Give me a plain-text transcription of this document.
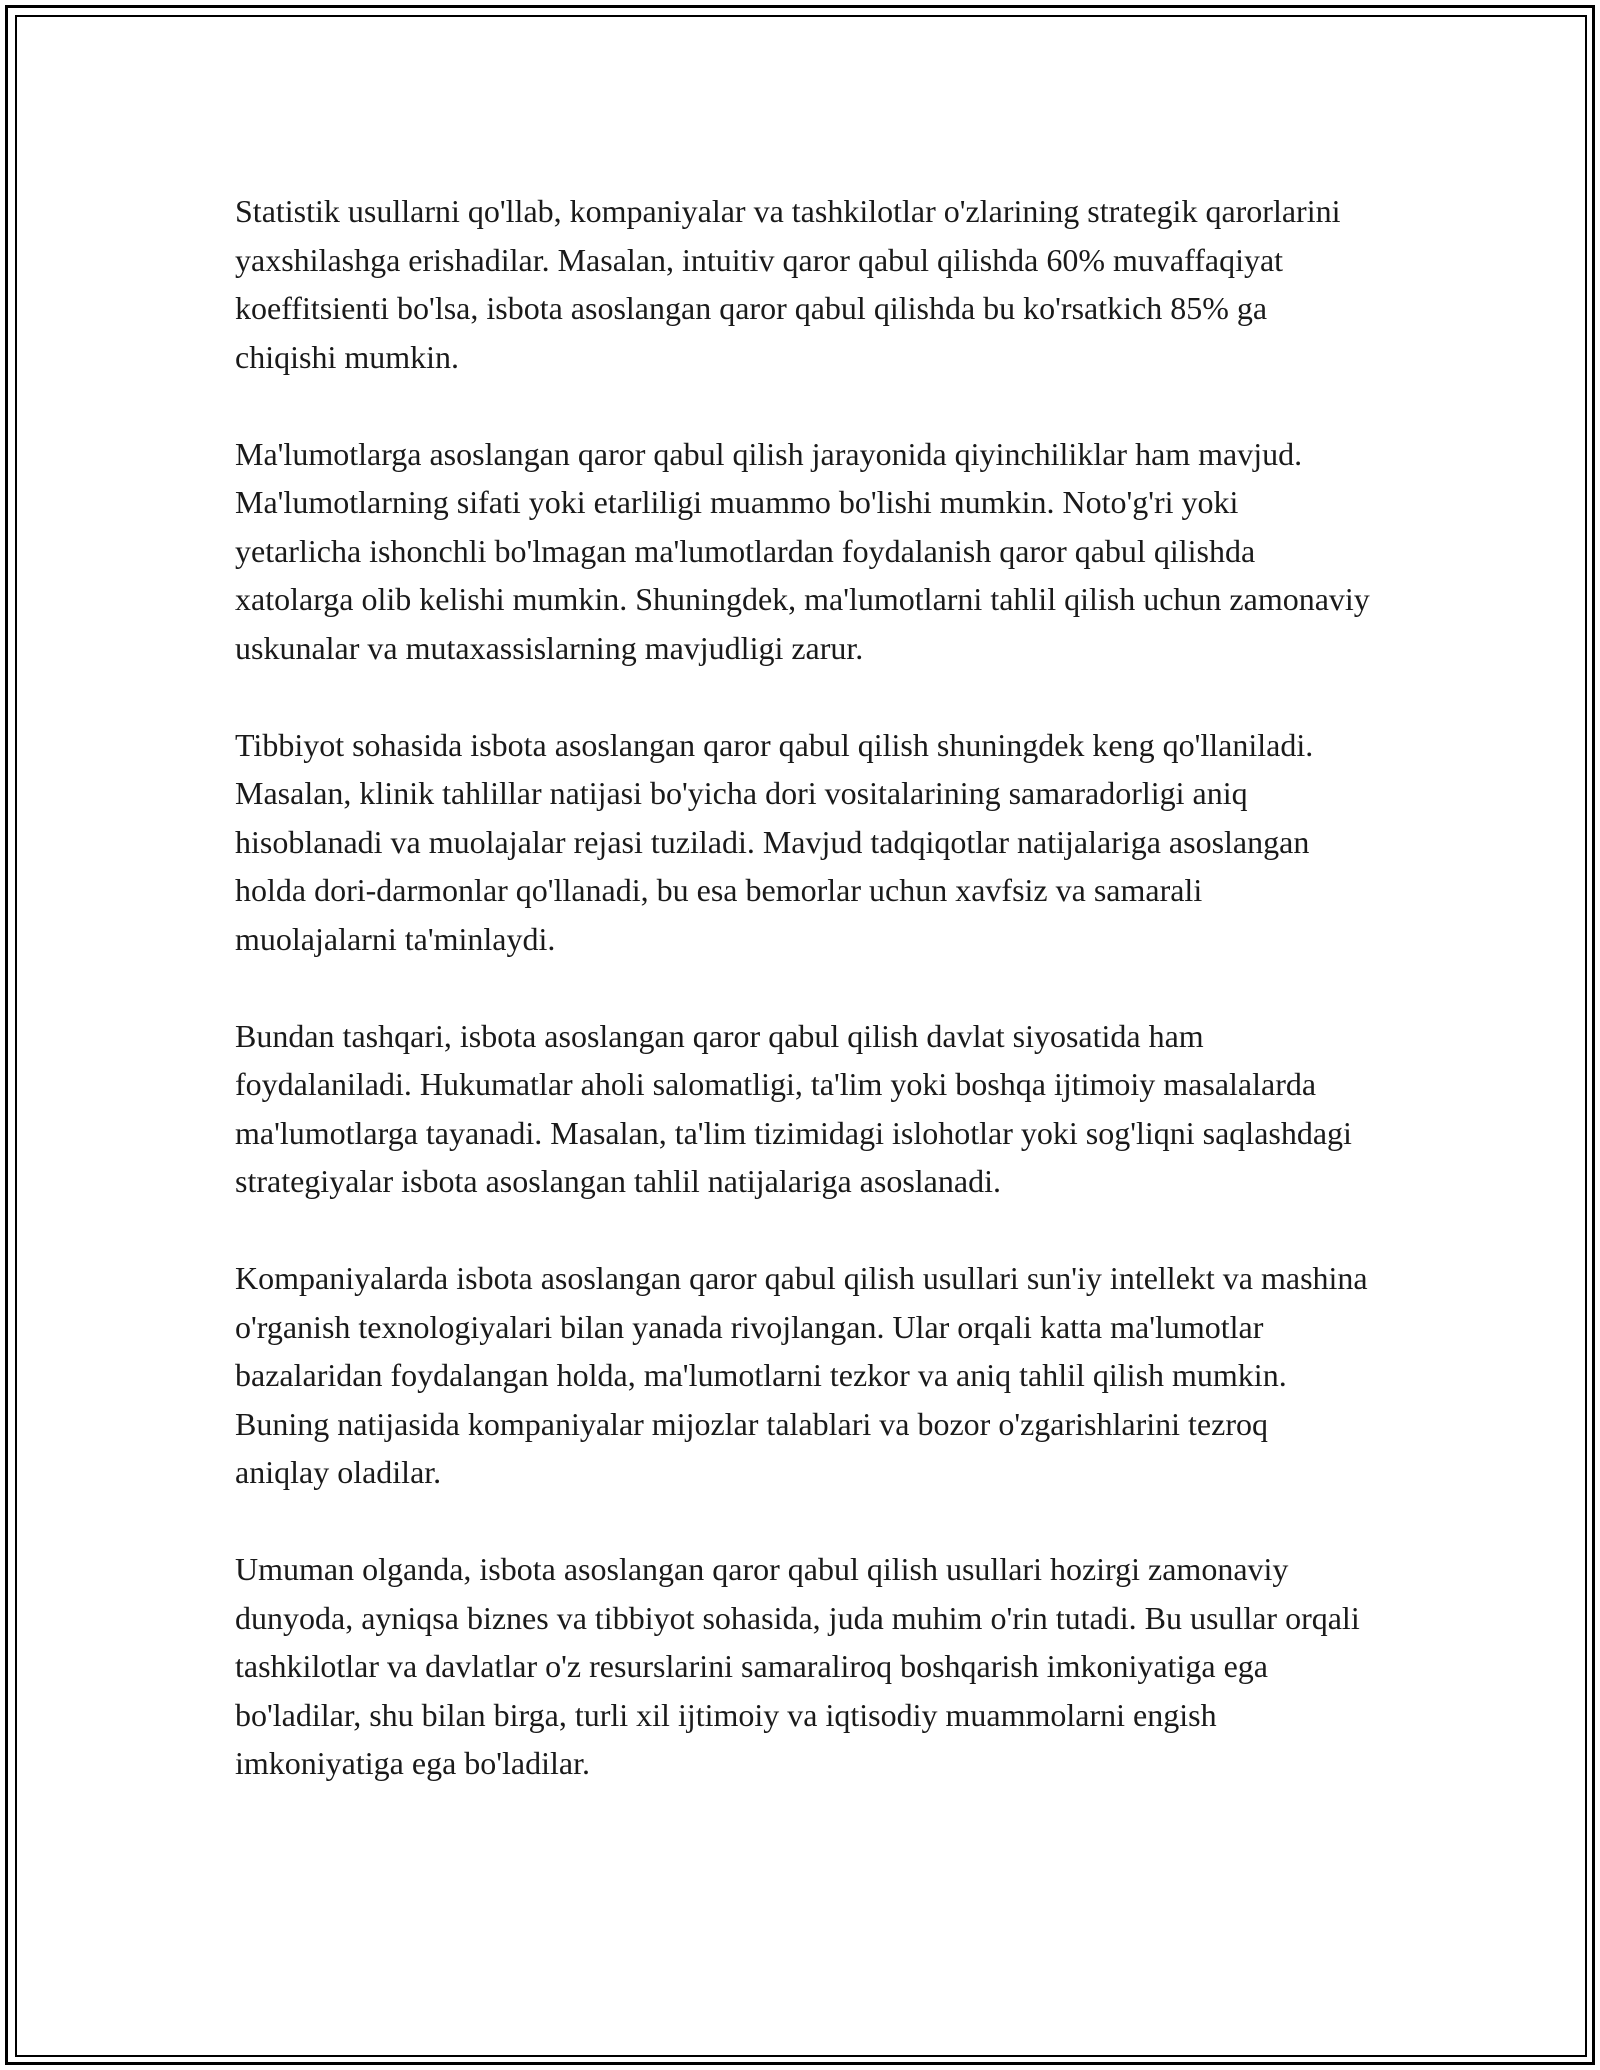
Statistik usullarni qo'llab, kompaniyalar va tashkilotlar o'zlarining strategik qarorlarini yaxshilashga erishadilar. Masalan, intuitiv qaror qabul qilishda 60% muvaffaqiyat koeffitsienti bo'lsa, isbota asoslangan qaror qabul qilishda bu ko'rsatkich 85% ga chiqishi mumkin.

Ma'lumotlarga asoslangan qaror qabul qilish jarayonida qiyinchiliklar ham mavjud. Ma'lumotlarning sifati yoki etarliligi muammo bo'lishi mumkin. Noto'g'ri yoki yetarlicha ishonchli bo'lmagan ma'lumotlardan foydalanish qaror qabul qilishda xatolarga olib kelishi mumkin. Shuningdek, ma'lumotlarni tahlil qilish uchun zamonaviy uskunalar va mutaxassislarning mavjudligi zarur.

Tibbiyot sohasida isbota asoslangan qaror qabul qilish shuningdek keng qo'llaniladi. Masalan, klinik tahlillar natijasi bo'yicha dori vositalarining samaradorligi aniq hisoblanadi va muolajalar rejasi tuziladi. Mavjud tadqiqotlar natijalariga asoslangan holda dori-darmonlar qo'llanadi, bu esa bemorlar uchun xavfsiz va samarali muolajalarni ta'minlaydi.

Bundan tashqari, isbota asoslangan qaror qabul qilish davlat siyosatida ham foydalaniladi. Hukumatlar aholi salomatligi, ta'lim yoki boshqa ijtimoiy masalalarda ma'lumotlarga tayanadi. Masalan, ta'lim tizimidagi islohotlar yoki sog'liqni saqlashdagi strategiyalar isbota asoslangan tahlil natijalariga asoslanadi.

Kompaniyalarda isbota asoslangan qaror qabul qilish usullari sun'iy intellekt va mashina o'rganish texnologiyalari bilan yanada rivojlangan. Ular orqali katta ma'lumotlar bazalaridan foydalangan holda, ma'lumotlarni tezkor va aniq tahlil qilish mumkin. Buning natijasida kompaniyalar mijozlar talablari va bozor o'zgarishlarini tezroq aniqlay oladilar.

Umuman olganda, isbota asoslangan qaror qabul qilish usullari hozirgi zamonaviy dunyoda, ayniqsa biznes va tibbiyot sohasida, juda muhim o'rin tutadi. Bu usullar orqali tashkilotlar va davlatlar o'z resurslarini samaraliroq boshqarish imkoniyatiga ega bo'ladilar, shu bilan birga, turli xil ijtimoiy va iqtisodiy muammolarni engish imkoniyatiga ega bo'ladilar.
